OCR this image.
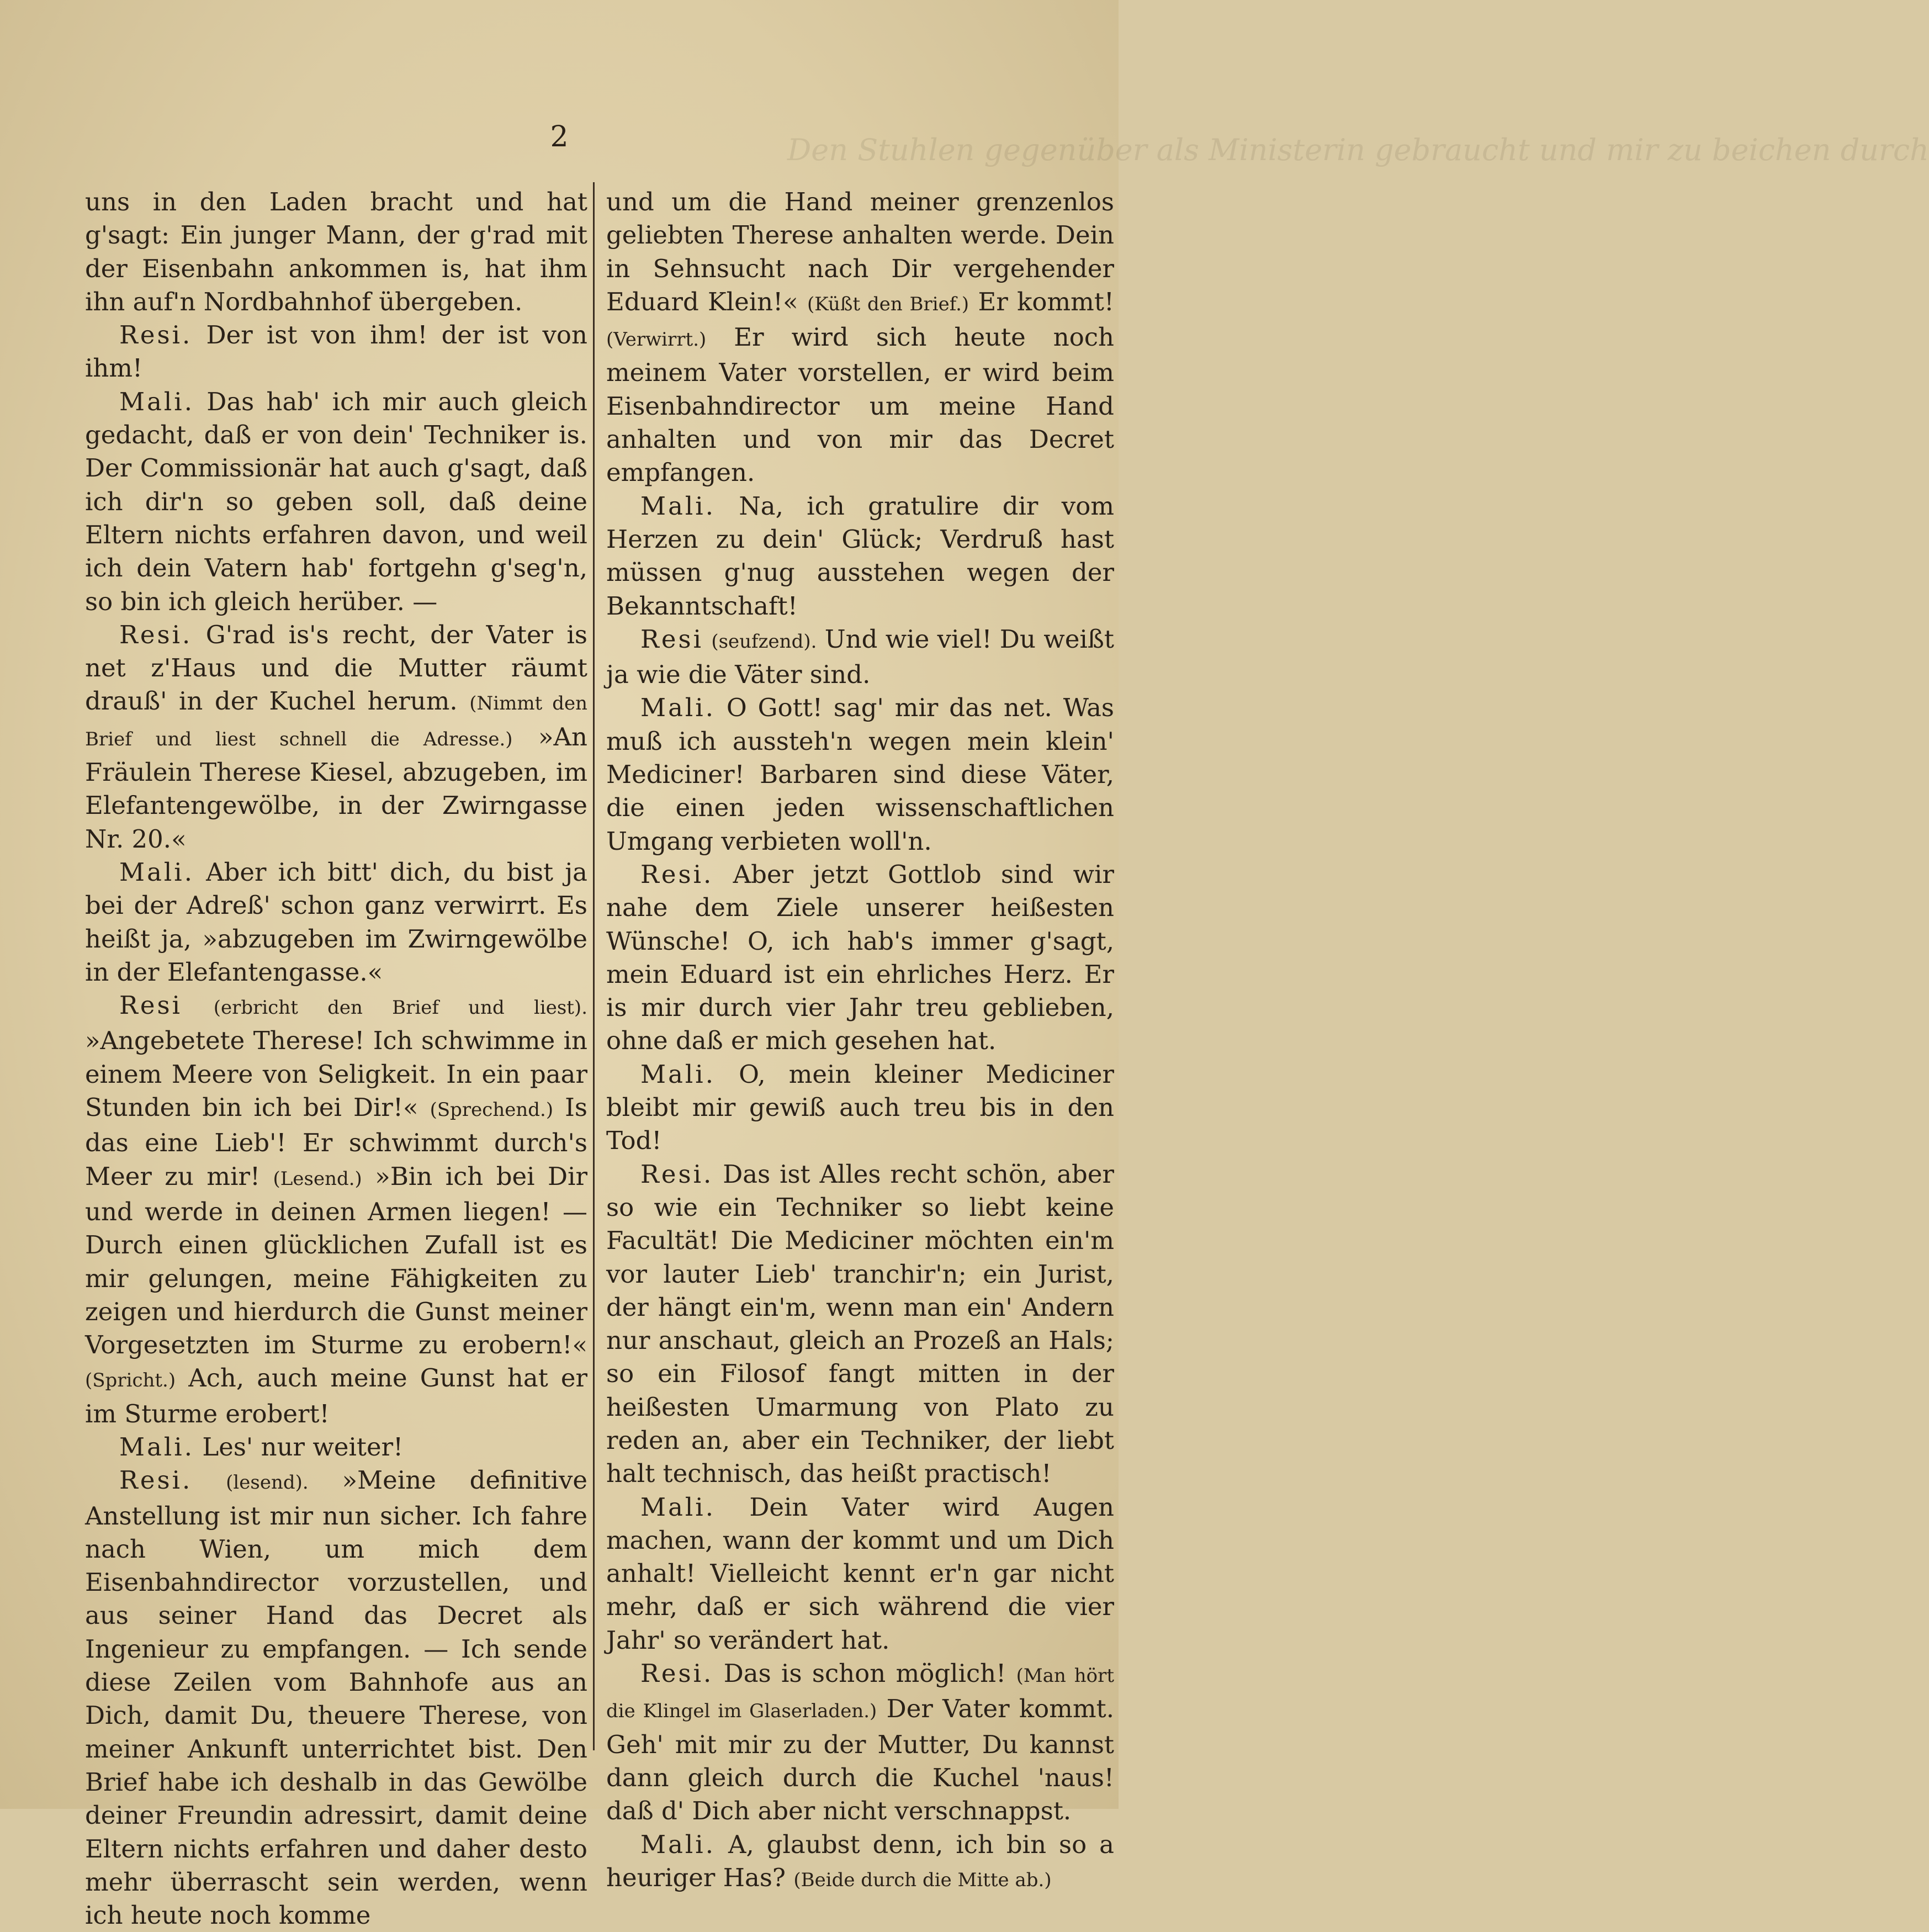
Den Stuhlen gegenüber als Ministerin gebraucht und mir zu beichen durch
2

uns in den Laden bracht und hat g'sagt: Ein junger Mann, der g'rad mit der Eisenbahn ankommen is, hat ihm ihn auf'n Nordbahnhof übergeben.

Resi. Der ist von ihm! der ist von ihm!

Mali. Das hab' ich mir auch gleich gedacht, daß er von dein' Techniker is. Der Commissionär hat auch g'sagt, daß ich dir'n so geben soll, daß deine Eltern nichts erfahren davon, und weil ich dein Vatern hab' fortgehn g'seg'n, so bin ich gleich herüber. —

Resi. G'rad is's recht, der Vater is net z'Haus und die Mutter räumt drauß' in der Kuchel herum. (Nimmt den Brief und liest schnell die Adresse.) »An Fräulein Therese Kiesel, abzugeben, im Elefantengewölbe, in der Zwirngasse Nr. 20.«

Mali. Aber ich bitt' dich, du bist ja bei der Adreß' schon ganz verwirrt. Es heißt ja, »abzugeben im Zwirngewölbe in der Elefantengasse.«

Resi (erbricht den Brief und liest). »Angebetete Therese! Ich schwimme in einem Meere von Seligkeit. In ein paar Stunden bin ich bei Dir!« (Sprechend.) Is das eine Lieb'! Er schwimmt durch's Meer zu mir! (Lesend.) »Bin ich bei Dir und werde in deinen Armen liegen! — Durch einen glücklichen Zufall ist es mir gelungen, meine Fähigkeiten zu zeigen und hierdurch die Gunst meiner Vorgesetzten im Sturme zu erobern!« (Spricht.) Ach, auch meine Gunst hat er im Sturme erobert!

Mali. Les' nur weiter!

Resi. (lesend). »Meine definitive Anstellung ist mir nun sicher. Ich fahre nach Wien, um mich dem Eisenbahndirector vorzustellen, und aus seiner Hand das Decret als Ingenieur zu empfangen. — Ich sende diese Zeilen vom Bahnhofe aus an Dich, damit Du, theuere Therese, von meiner Ankunft unterrichtet bist. Den Brief habe ich deshalb in das Gewölbe deiner Freundin adressirt, damit deine Eltern nichts erfahren und daher desto mehr überrascht sein werden, wenn ich heute noch komme

und um die Hand meiner grenzenlos geliebten Therese anhalten werde. Dein in Sehnsucht nach Dir vergehender Eduard Klein!« (Küßt den Brief.) Er kommt! (Verwirrt.) Er wird sich heute noch meinem Vater vorstellen, er wird beim Eisenbahndirector um meine Hand anhalten und von mir das Decret empfangen.

Mali. Na, ich gratulire dir vom Herzen zu dein' Glück; Verdruß hast müssen g'nug ausstehen wegen der Bekanntschaft!

Resi (seufzend). Und wie viel! Du weißt ja wie die Väter sind.

Mali. O Gott! sag' mir das net. Was muß ich aussteh'n wegen mein klein' Mediciner! Barbaren sind diese Väter, die einen jeden wissenschaftlichen Umgang verbieten woll'n.

Resi. Aber jetzt Gottlob sind wir nahe dem Ziele unserer heißesten Wünsche! O, ich hab's immer g'sagt, mein Eduard ist ein ehrliches Herz. Er is mir durch vier Jahr treu geblieben, ohne daß er mich gesehen hat.

Mali. O, mein kleiner Mediciner bleibt mir gewiß auch treu bis in den Tod!

Resi. Das ist Alles recht schön, aber so wie ein Techniker so liebt keine Facultät! Die Mediciner möchten ein'm vor lauter Lieb' tranchir'n; ein Jurist, der hängt ein'm, wenn man ein' Andern nur anschaut, gleich an Prozeß an Hals; so ein Filosof fangt mitten in der heißesten Umarmung von Plato zu reden an, aber ein Techniker, der liebt halt technisch, das heißt practisch!

Mali. Dein Vater wird Augen machen, wann der kommt und um Dich anhalt! Vielleicht kennt er'n gar nicht mehr, daß er sich während die vier Jahr' so verändert hat.

Resi. Das is schon möglich! (Man hört die Klingel im Glaserladen.) Der Vater kommt. Geh' mit mir zu der Mutter, Du kannst dann gleich durch die Kuchel 'naus! daß d' Dich aber nicht verschnappst.

Mali. A, glaubst denn, ich bin so a heuriger Has? (Beide durch die Mitte ab.)
